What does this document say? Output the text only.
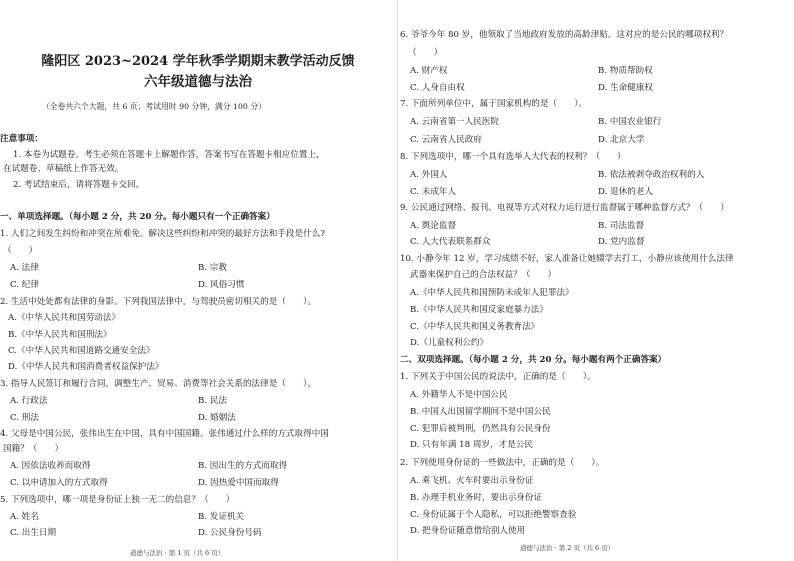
隆阳区 2023~2024 学年秋季学期期末教学活动反馈
六年级道德与法治
（全卷共六个大题，共 6 页；考试用时 90 分钟，满分 100 分）
注意事项：
1. 本卷为试题卷。考生必须在答题卡上解题作答，答案书写在答题卡相应位置上，
在试题卷、草稿纸上作答无效。
2. 考试结束后，请将答题卡交回。
一、单项选择题。（每小题 2 分，共 20 分。每小题只有一个正确答案）
1. 人们之间发生纠纷和冲突在所难免。解决这些纠纷和冲突的最好方法和手段是什么?
（　　）
A. 法律	B. 宗教
C. 纪律	D. 风俗习惯
2. 生活中处处都有法律的身影。下列我国法律中，与驾驶员密切相关的是（　　）。
A.《中华人民共和国劳动法》
B.《中华人民共和国刑法》
C.《中华人民共和国道路交通安全法》
D.《中华人民共和国消费者权益保护法》
3. 指导人民签订和履行合同，调整生产、贸易、消费等社会关系的法律是（　　）。
A. 行政法	B. 民法
C. 刑法	D. 婚姻法
4. 父母是中国公民，张伟出生在中国，具有中国国籍。张伟通过什么样的方式取得中国
国籍？（　　）
A. 因依法收养而取得	B. 因出生的方式而取得
C. 以申请加入的方式取得	D. 因热爱中国而取得
5. 下列选项中，哪一项是身份证上独一无二的信息？（　　）
A. 姓名	B. 发证机关
C. 出生日期	D. 公民身份号码
道德与法治 · 第 1 页（共 6 页）
6. 爷爷今年 80 岁，他领取了当地政府发放的高龄津贴。这对应的是公民的哪项权利？
（　　）
A. 财产权	B. 物质帮助权
C. 人身自由权	D. 生命健康权
7. 下面所列单位中，属于国家机构的是（　　）。
A. 云南省第一人民医院	B. 中国农业银行
C. 云南省人民政府	D. 北京大学
8. 下列选项中，哪一个具有选举人大代表的权利？（　　）
A. 外国人	B. 依法被剥夺政治权利的人
C. 未成年人	D. 退休的老人
9. 公民通过网络、报刊、电视等方式对权力运行进行监督属于哪种监督方式？（　　）
A. 舆论监督	B. 司法监督
C. 人大代表联系群众	D. 党内监督
10. 小静今年 12 岁，学习成绩不好，家人准备让她辍学去打工，小静应该使用什么法律
武器来保护自己的合法权益？（　　）
A.《中华人民共和国预防未成年人犯罪法》
B.《中华人民共和国反家庭暴力法》
C.《中华人民共和国义务教育法》
D.《儿童权利公约》
二、双项选择题。（每小题 2 分，共 20 分。每小题有两个正确答案）
1. 下列关于中国公民的说法中，正确的是（　　）。
A. 外籍华人不是中国公民
B. 中国人出国留学期间不是中国公民
C. 犯罪后被判刑，仍然具有公民身份
D. 只有年满 18 周岁，才是公民
2. 下列使用身份证的一些做法中，正确的是（　　）。
A. 乘飞机、火车时要出示身份证
B. 办理手机业务时，要出示身份证
C. 身份证属于个人隐私，可以拒绝警察查验
D. 把身份证随意借给别人使用
道德与法治 · 第 2 页（共 6 页）
